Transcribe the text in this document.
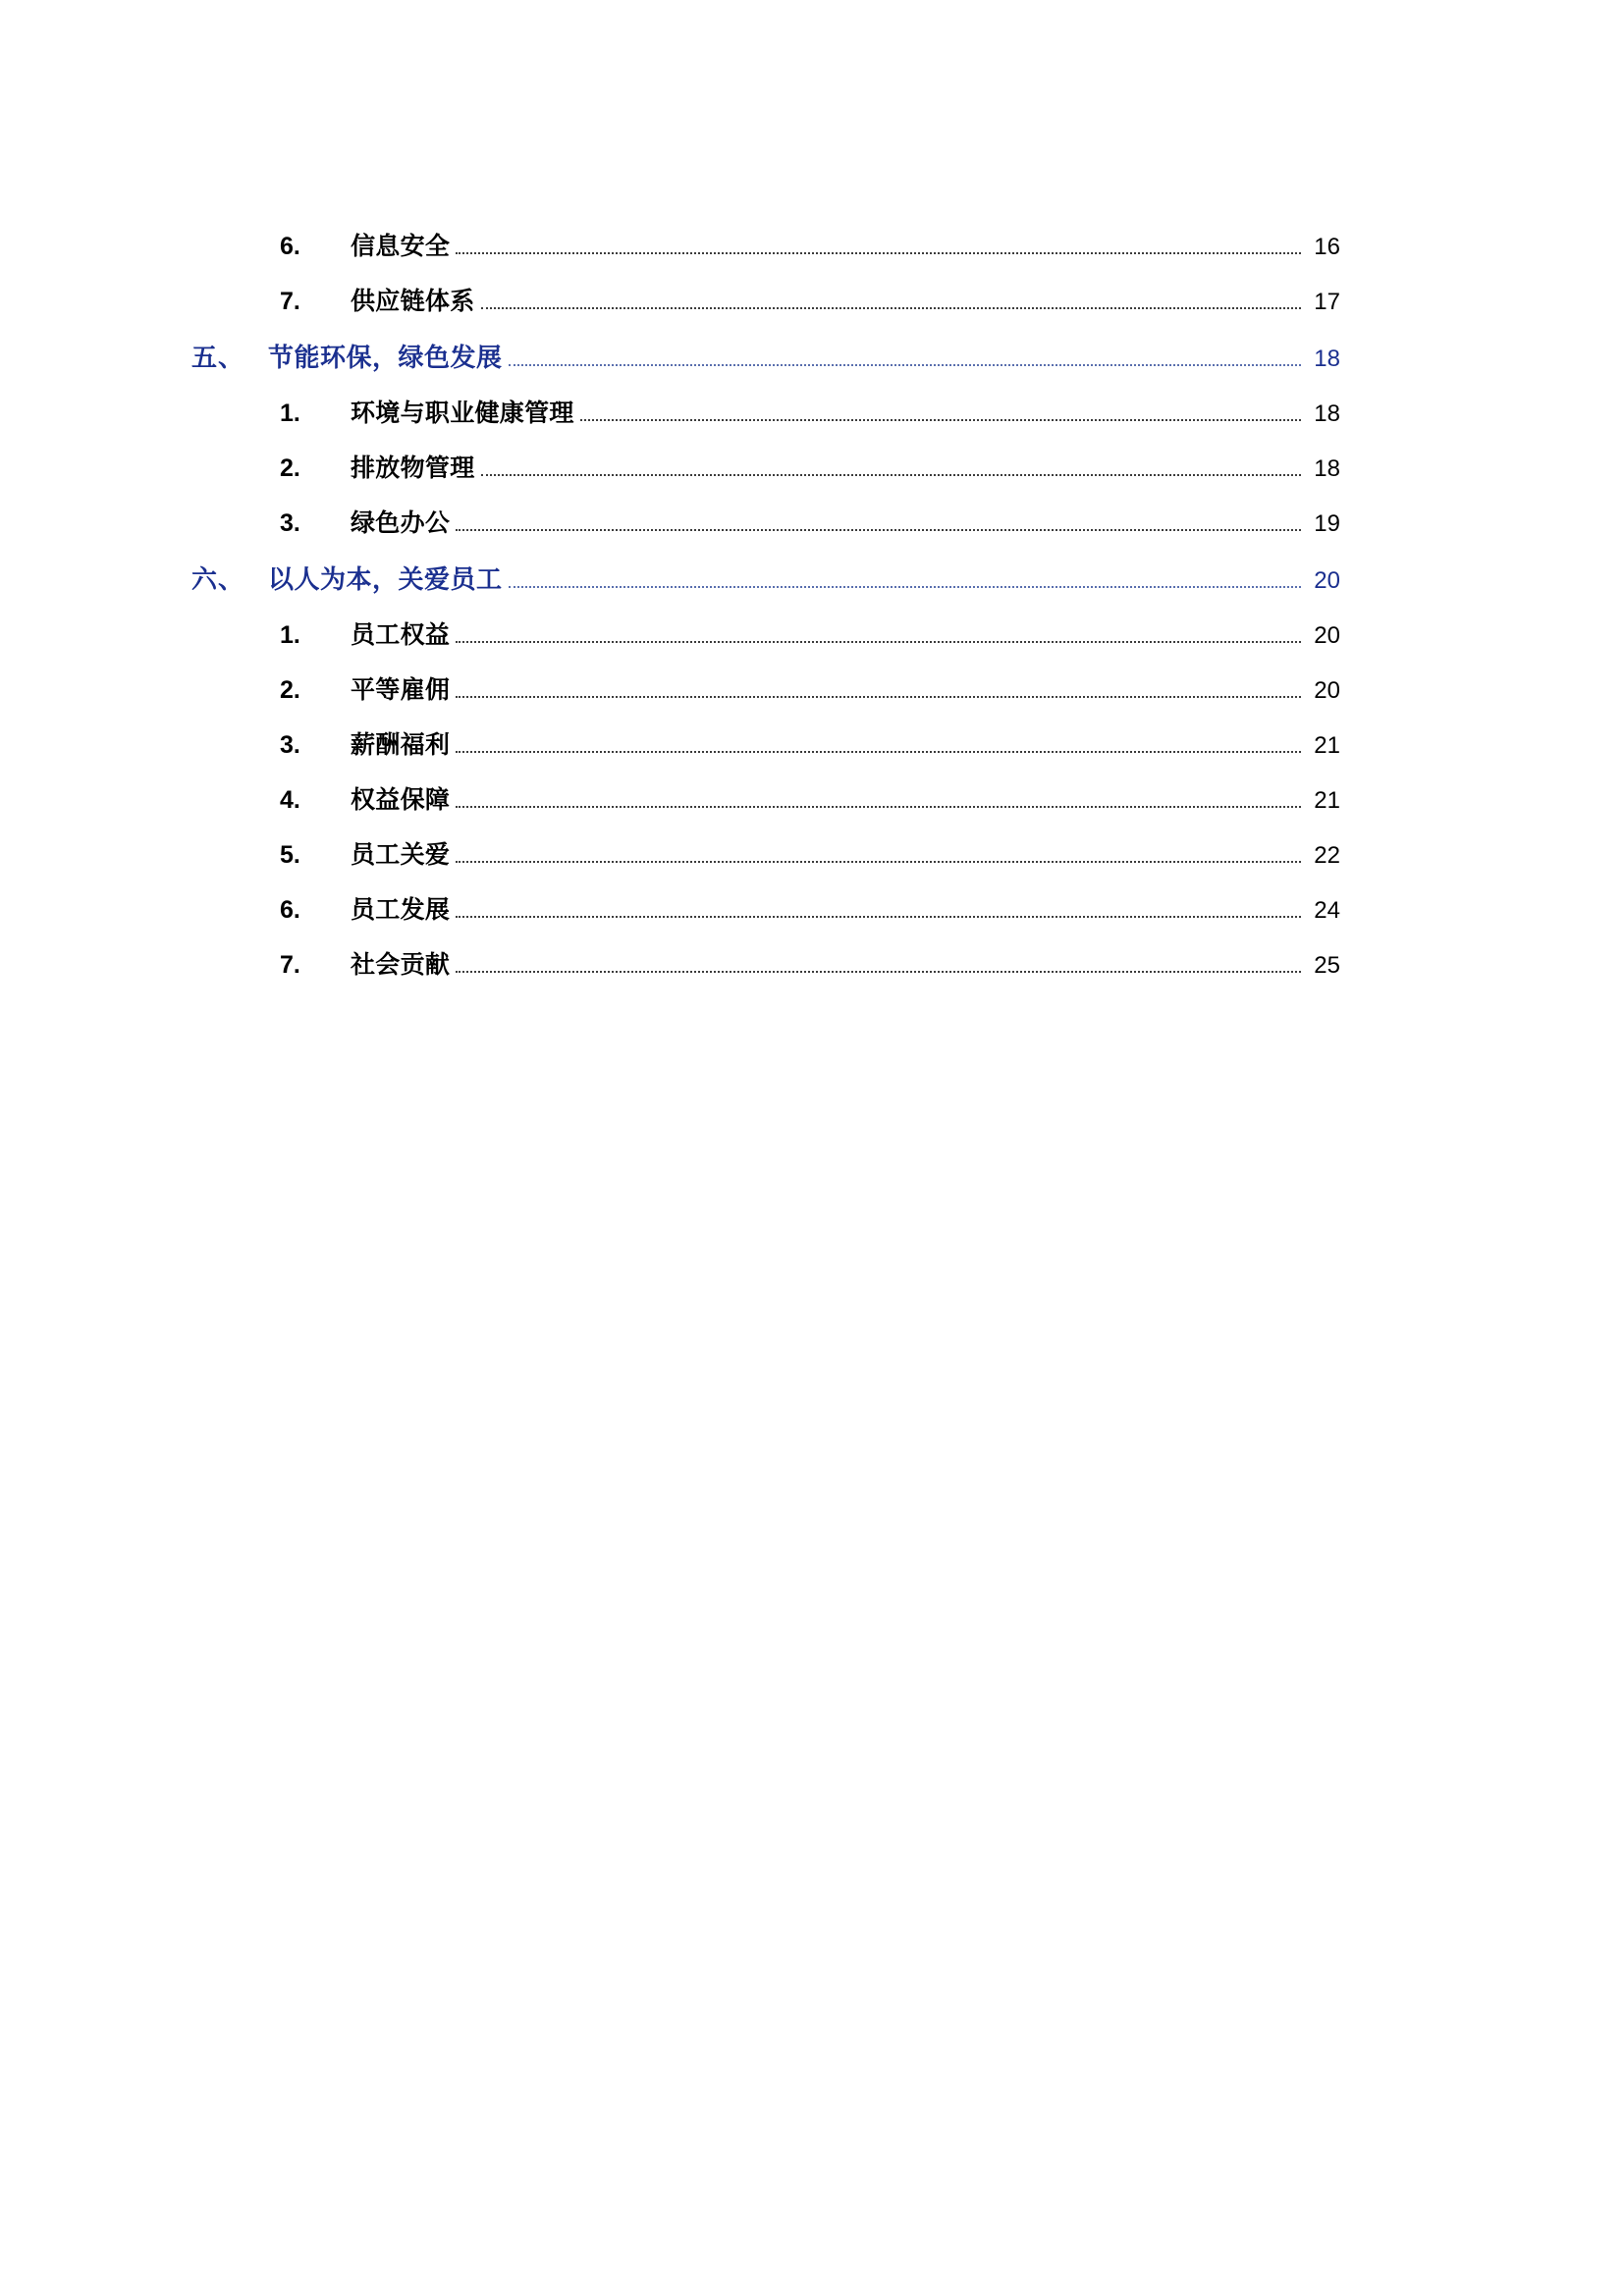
6.	信息安全	16
7.	供应链体系	17
五、 节能环保，绿色发展	18
1.	环境与职业健康管理	18
2.	排放物管理	18
3.	绿色办公	19
六、 以人为本，关爱员工	20
1.	员工权益	20
2.	平等雇佣	20
3.	薪酬福利	21
4.	权益保障	21
5.	员工关爱	22
6.	员工发展	24
7.	社会贡献	25
